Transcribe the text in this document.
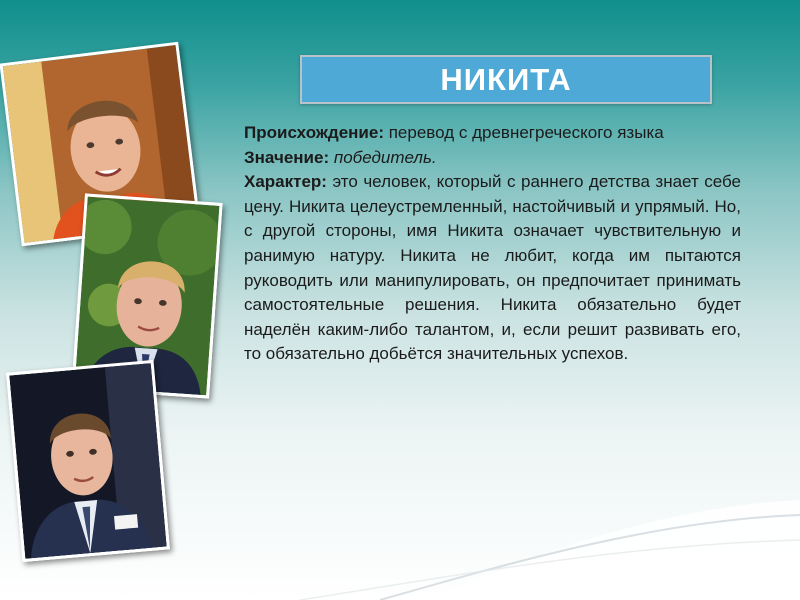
НИКИТА

Происхождение: перевод с древнегреческого языка

Значение: победитель.

Характер: это человек, который с раннего детства знает себе цену. Никита целеустремленный, настойчивый и упрямый. Но, с другой стороны, имя Никита означает чувствительную и ранимую натуру. Никита не любит, когда им пытаются руководить или манипулировать, он предпочитает принимать самостоятельные решения. Никита обязательно будет наделён каким-либо талантом, и, если решит развивать его, то обязательно добьётся значительных успехов.
